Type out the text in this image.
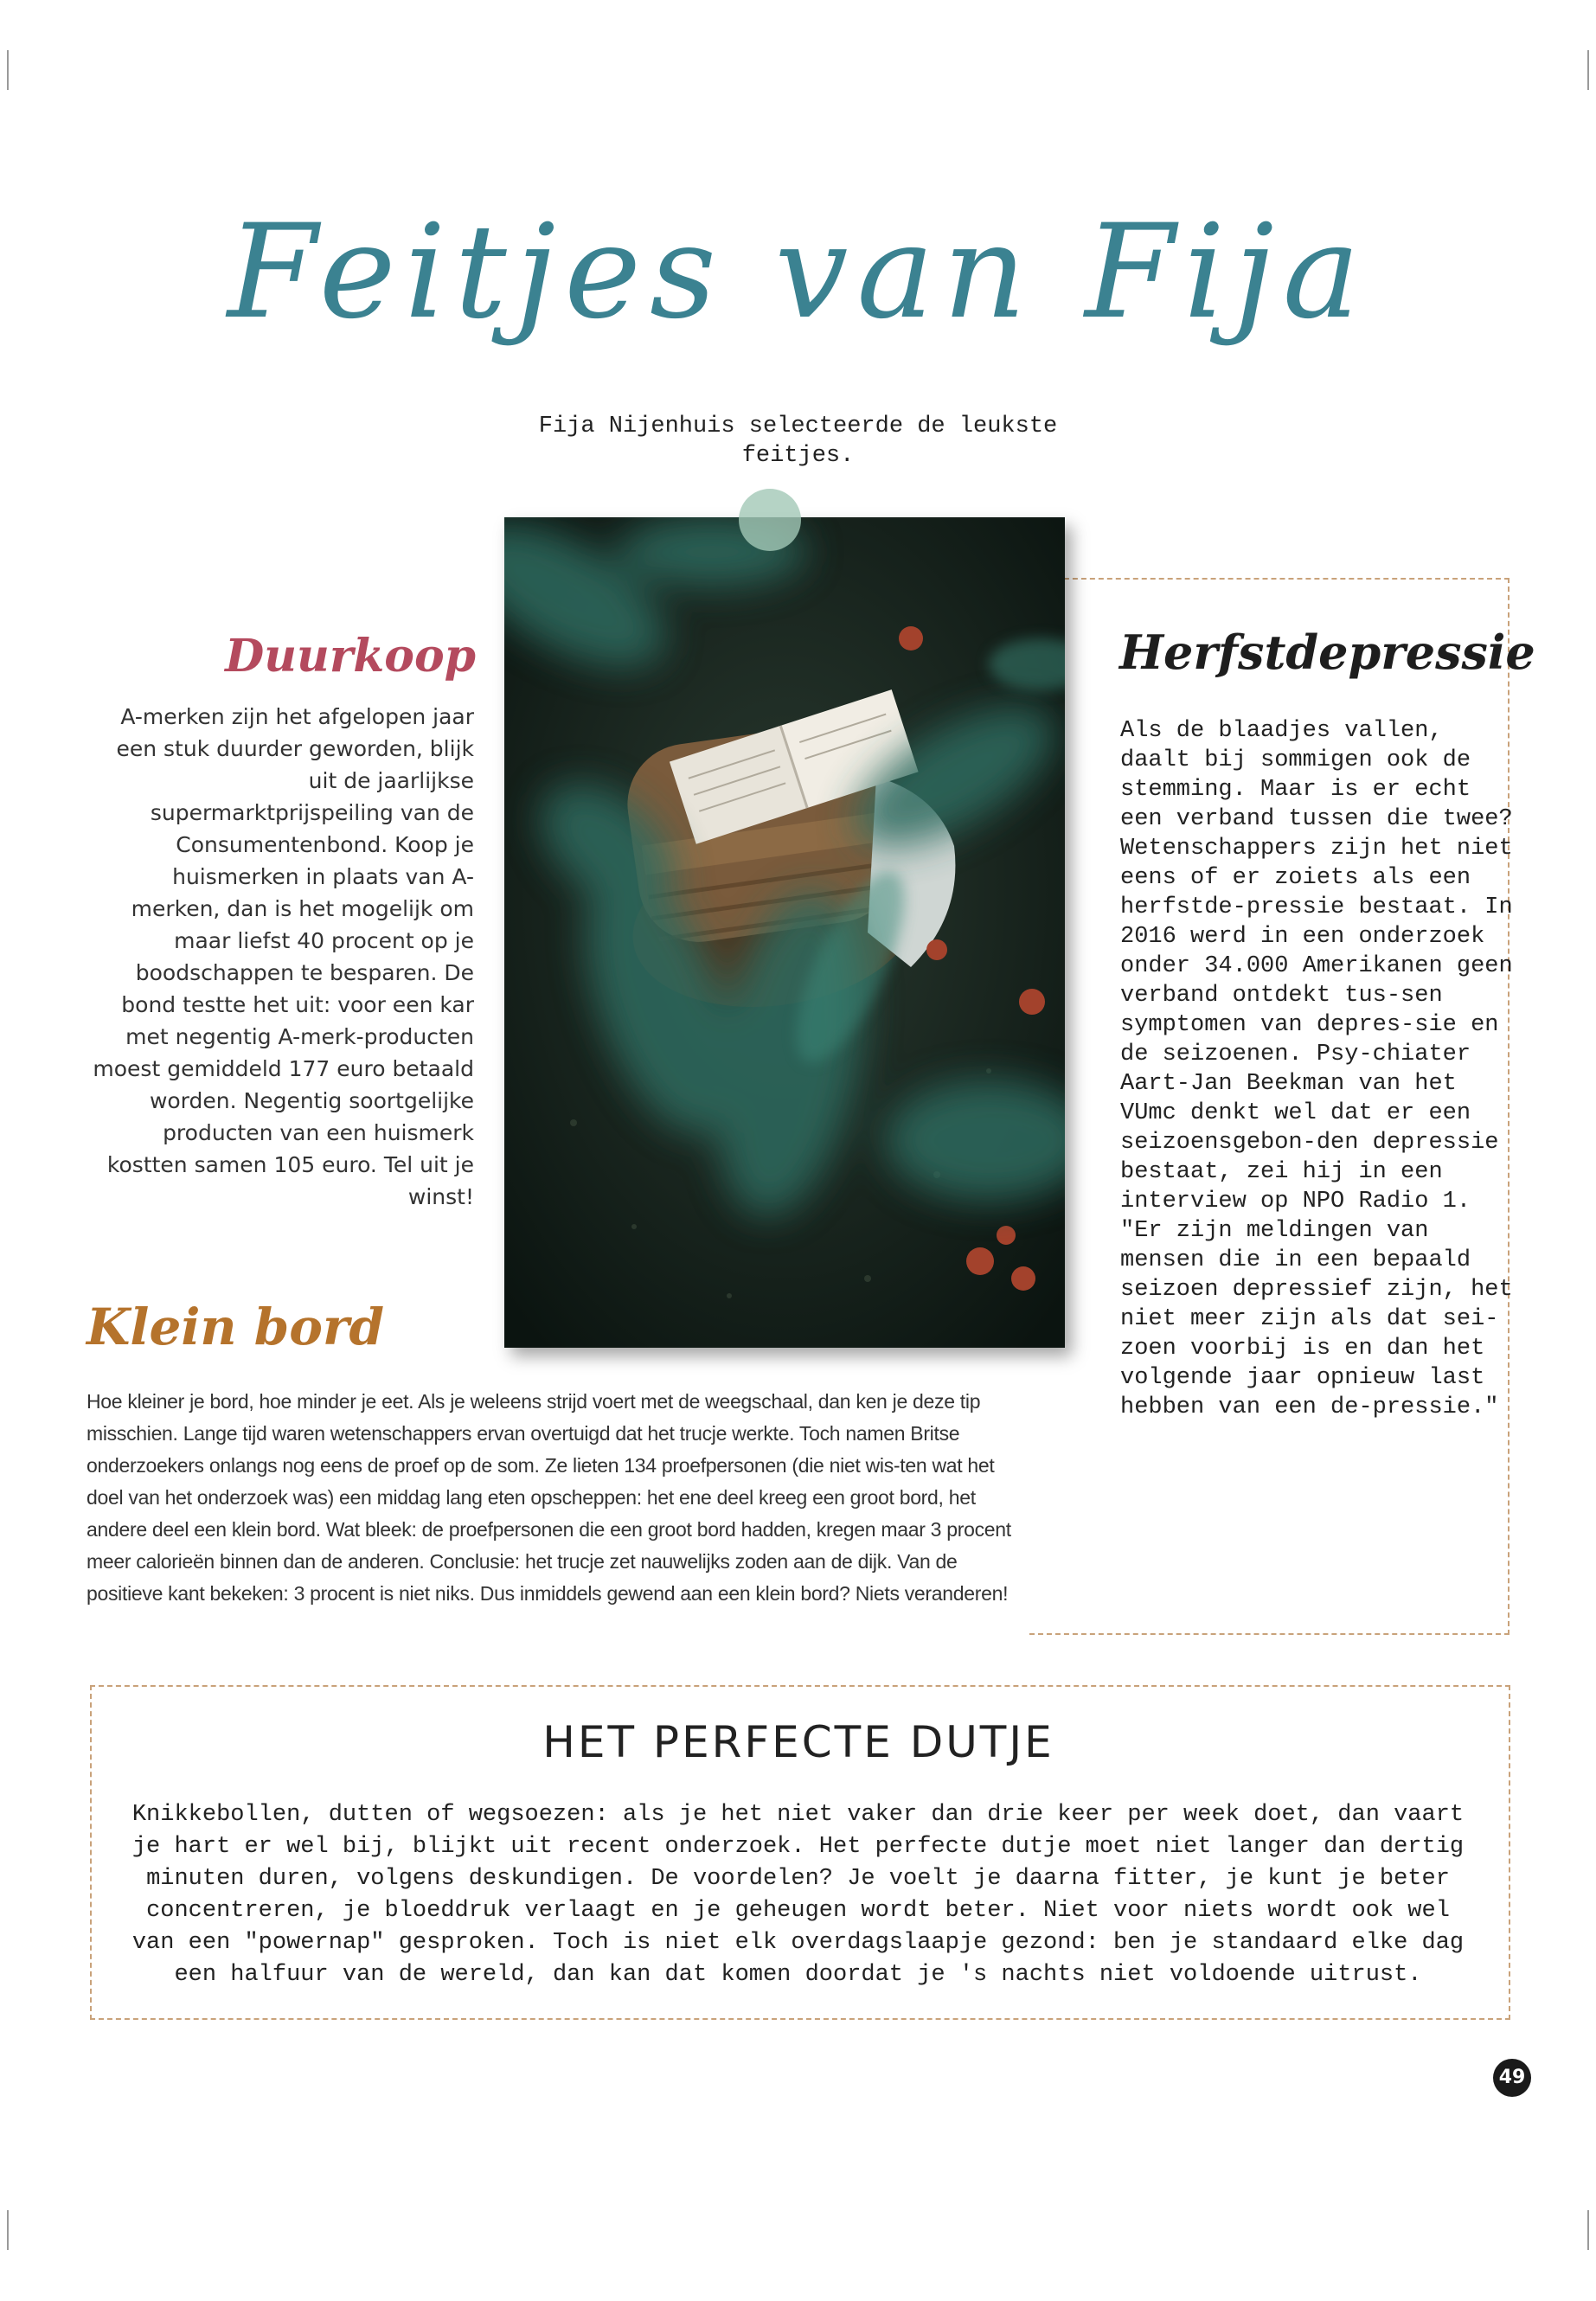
Feitjes van Fija
Fija Nijenhuis selecteerde de leukste feitjes.
Duurkoop
A-merken zijn het afgelopen jaar een stuk duurder geworden, blijk uit de jaarlijkse supermarktprijspeiling van de Consumentenbond. Koop je huismerken in plaats van A-merken, dan is het mogelijk om maar liefst 40 procent op je boodschappen te besparen. De bond testte het uit: voor een kar met negentig A-merk-producten moest gemiddeld 177 euro betaald worden. Negentig soortgelijke producten van een huismerk kostten samen 105 euro. Tel uit je winst!
Herfstdepressie
Als de blaadjes vallen, daalt bij sommigen ook de stemming. Maar is er echt een verband tussen die twee? Wetenschappers zijn het niet eens of er zoiets als een herfstde-pressie bestaat. In 2016 werd in een onderzoek onder 34.000 Amerikanen geen verband ontdekt tus-sen symptomen van depres-sie en de seizoenen. Psy-chiater Aart-Jan Beekman van het VUmc denkt wel dat er een seizoensgebon-den depressie bestaat, zei hij in een interview op NPO Radio 1. "Er zijn meldingen van mensen die in een bepaald seizoen depressief zijn, het niet meer zijn als dat sei-zoen voorbij is en dan het volgende jaar opnieuw last hebben van een de-pressie."
Klein bord
Hoe kleiner je bord, hoe minder je eet. Als je weleens strijd voert met de weegschaal, dan ken je deze tip misschien. Lange tijd waren wetenschappers ervan overtuigd dat het trucje werkte. Toch namen Britse onderzoekers onlangs nog eens de proef op de som. Ze lieten 134 proefpersonen (die niet wis-ten wat het doel van het onderzoek was) een middag lang eten opscheppen: het ene deel kreeg een groot bord, het andere deel een klein bord. Wat bleek: de proefpersonen die een groot bord hadden, kregen maar 3 procent meer calorieën binnen dan de anderen. Conclusie: het trucje zet nauwelijks zoden aan de dijk. Van de positieve kant bekeken: 3 procent is niet niks. Dus inmiddels gewend aan een klein bord? Niets veranderen!
HET PERFECTE DUTJE
Knikkebollen, dutten of wegsoezen: als je het niet vaker dan drie keer per week doet, dan vaart je hart er wel bij, blijkt uit recent onderzoek. Het perfecte dutje moet niet langer dan dertig minuten duren, volgens deskundigen. De voordelen? Je voelt je daarna fitter, je kunt je beter concentreren, je bloeddruk verlaagt en je geheugen wordt beter. Niet voor niets wordt ook wel van een "powernap" gesproken. Toch is niet elk overdagslaapje gezond: ben je standaard elke dag een halfuur van de wereld, dan kan dat komen doordat je 's nachts niet voldoende uitrust.
49
